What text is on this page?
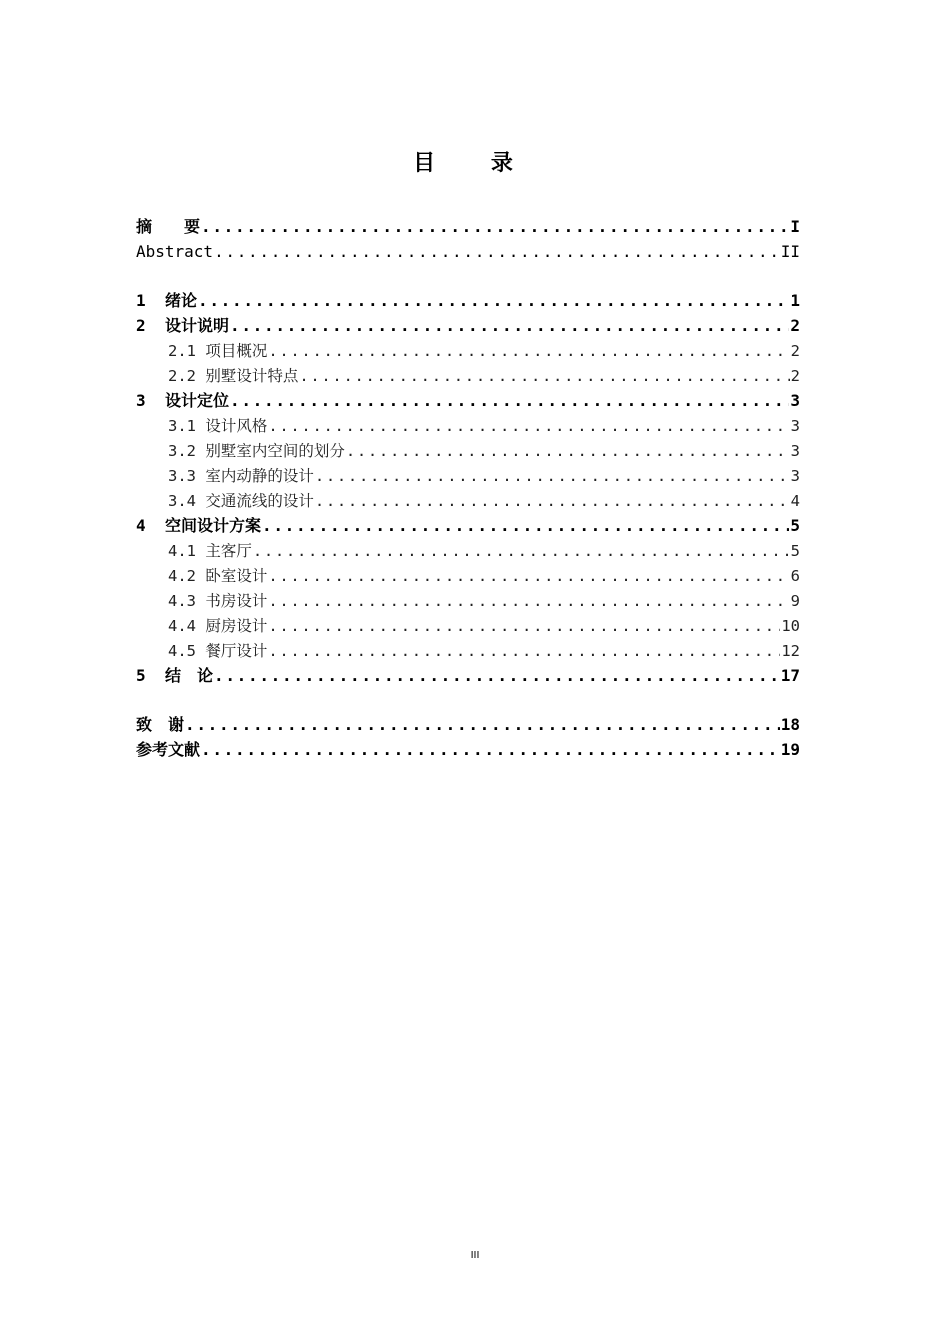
目 录
摘　　要 .....	I
Abstract .....	II
1	绪论 .....	1
2	设计说明 .....	2
2.1 项目概况 .....	2
2.2 别墅设计特点 .....	2
3	设计定位 .....	3
3.1 设计风格 .....	3
3.2 别墅室内空间的划分 .....	3
3.3 室内动静的设计 .....	3
3.4 交通流线的设计 .....	4
4	空间设计方案 .....	5
4.1 主客厅 .....	5
4.2 卧室设计 .....	6
4.3 书房设计 .....	9
4.4 厨房设计 .....	10
4.5 餐厅设计 .....	12
5	结　论 .....	17
致　谢 .....	18
参考文献 .....	19
III
